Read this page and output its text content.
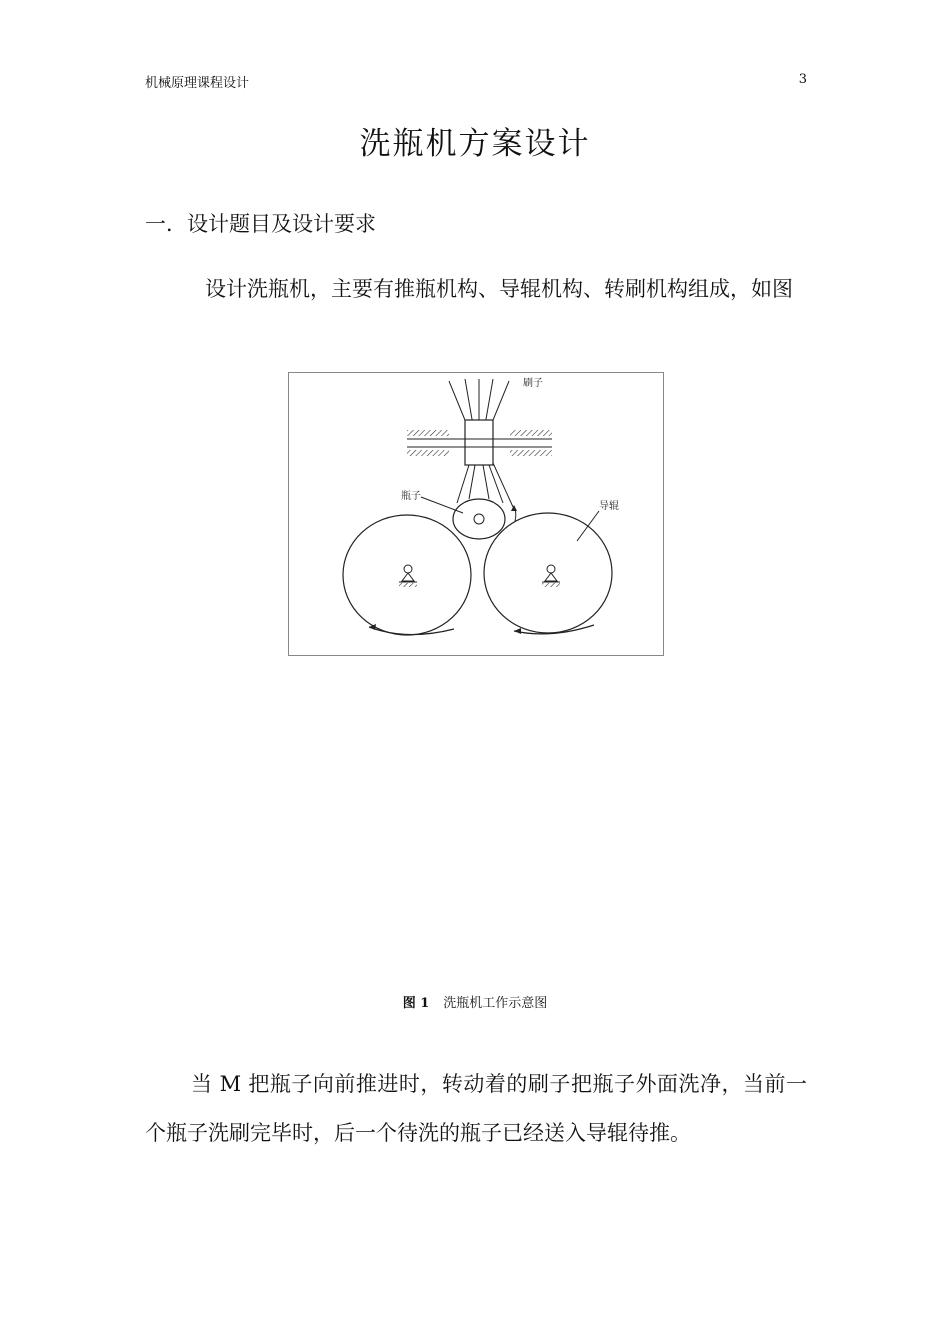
机械原理课程设计	3
洗瓶机方案设计
一．设计题目及设计要求
设计洗瓶机，主要有推瓶机构、导辊机构、转刷机构组成，如图
刷子
瓶子
导辊
图 1 洗瓶机工作示意图
当 M 把瓶子向前推进时，转动着的刷子把瓶子外面洗净，当前一个瓶子洗刷完毕时，后一个待洗的瓶子已经送入导辊待推。
